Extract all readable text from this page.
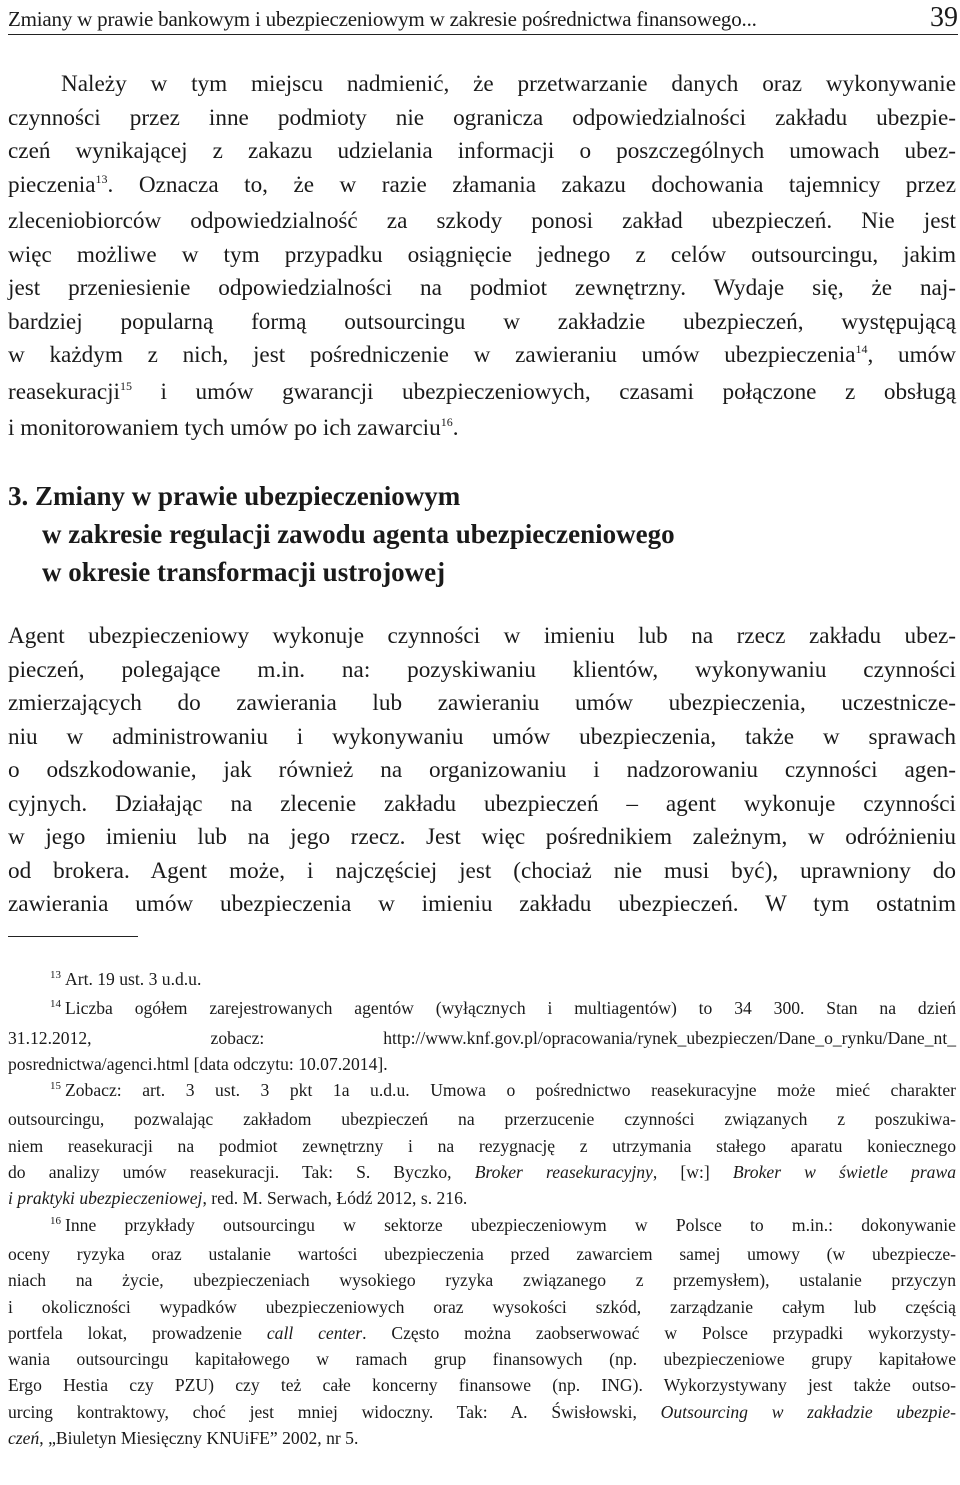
Zmiany w prawie bankowym i ubezpieczeniowym w zakresie pośrednictwa finansowego...	39
Należy w tym miejscu nadmienić, że przetwarzanie danych oraz wykonywanie
czynności przez inne podmioty nie ogranicza odpowiedzialności zakładu ubezpie-
czeń wynikającej z zakazu udzielania informacji o poszczególnych umowach ubez-
pieczenia$^{13}$. Oznacza to, że w razie złamania zakazu dochowania tajemnicy przez
zleceniobiorców odpowiedzialność za szkody ponosi zakład ubezpieczeń. Nie jest
więc możliwe w tym przypadku osiągnięcie jednego z celów outsourcingu, jakim
jest przeniesienie odpowiedzialności na podmiot zewnętrzny. Wydaje się, że naj-
bardziej popularną formą outsourcingu w zakładzie ubezpieczeń, występującą
w każdym z nich, jest pośredniczenie w zawieraniu umów ubezpieczenia$^{14}$, umów
reasekuracji$^{15}$ i umów gwarancji ubezpieczeniowych, czasami połączone z obsługą
i monitorowaniem tych umów po ich zawarciu$^{16}$.
3. Zmiany w prawie ubezpieczeniowym
w zakresie regulacji zawodu agenta ubezpieczeniowego
w okresie transformacji ustrojowej
Agent ubezpieczeniowy wykonuje czynności w imieniu lub na rzecz zakładu ubez-
pieczeń, polegające m.in. na: pozyskiwaniu klientów, wykonywaniu czynności
zmierzających do zawierania lub zawieraniu umów ubezpieczenia, uczestnicze-
niu w administrowaniu i wykonywaniu umów ubezpieczenia, także w sprawach
o odszkodowanie, jak również na organizowaniu i nadzorowaniu czynności agen-
cyjnych. Działając na zlecenie zakładu ubezpieczeń – agent wykonuje czynności
w jego imieniu lub na jego rzecz. Jest więc pośrednikiem zależnym, w odróżnieniu
od brokera. Agent może, i najczęściej jest (chociaż nie musi być), uprawniony do
zawierania umów ubezpieczenia w imieniu zakładu ubezpieczeń. W tym ostatnim
$^{13}$ Art. 19 ust. 3 u.d.u.
$^{14}$ Liczba ogółem zarejestrowanych agentów (wyłącznych i multiagentów) to 34 300. Stan na dzień
31.12.2012, zobacz: http://www.knf.gov.pl/opracowania/rynek_ubezpieczen/Dane_o_rynku/Dane_nt_
posrednictwa/agenci.html [data odczytu: 10.07.2014].
$^{15}$ Zobacz: art. 3 ust. 3 pkt 1a u.d.u. Umowa o pośrednictwo reasekuracyjne może mieć charakter
outsourcingu, pozwalając zakładom ubezpieczeń na przerzucenie czynności związanych z poszukiwa-
niem reasekuracji na podmiot zewnętrzny i na rezygnację z utrzymania stałego aparatu koniecznego
do analizy umów reasekuracji. Tak: S. Byczko, Broker reasekuracyjny, [w:] Broker w świetle prawa
i praktyki ubezpieczeniowej, red. M. Serwach, Łódź 2012, s. 216.
$^{16}$ Inne przykłady outsourcingu w sektorze ubezpieczeniowym w Polsce to m.in.: dokonywanie
oceny ryzyka oraz ustalanie wartości ubezpieczenia przed zawarciem samej umowy (w ubezpiecze-
niach na życie, ubezpieczeniach wysokiego ryzyka związanego z przemysłem), ustalanie przyczyn
i okoliczności wypadków ubezpieczeniowych oraz wysokości szkód, zarządzanie całym lub częścią
portfela lokat, prowadzenie call center. Często można zaobserwować w Polsce przypadki wykorzysty-
wania outsourcingu kapitałowego w ramach grup finansowych (np. ubezpieczeniowe grupy kapitałowe
Ergo Hestia czy PZU) czy też całe koncerny finansowe (np. ING). Wykorzystywany jest także outso-
urcing kontraktowy, choć jest mniej widoczny. Tak: A. Świsłowski, Outsourcing w zakładzie ubezpie-
czeń, „Biuletyn Miesięczny KNUiFE” 2002, nr 5.
